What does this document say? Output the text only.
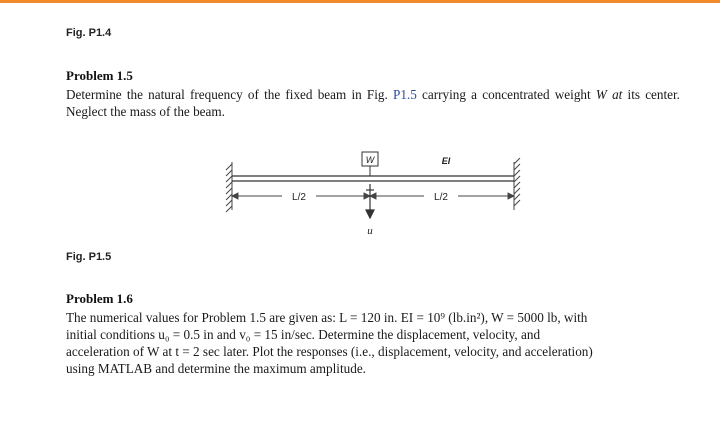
Fig. P1.4
Problem 1.5

Determine the natural frequency of the fixed beam in Fig. P1.5 carrying a concentrated weight W at its center. Neglect the mass of the beam.

W	EI
L/2	L/2
u
Fig. P1.5
Problem 1.6
The numerical values for Problem 1.5 are given as: L = 120 in. EI = 10⁹ (lb.in²), W = 5000 lb, with
initial conditions u₀ = 0.5 in and v₀ = 15 in/sec. Determine the displacement, velocity, and
acceleration of W at t = 2 sec later. Plot the responses (i.e., displacement, velocity, and acceleration)
using MATLAB and determine the maximum amplitude.
